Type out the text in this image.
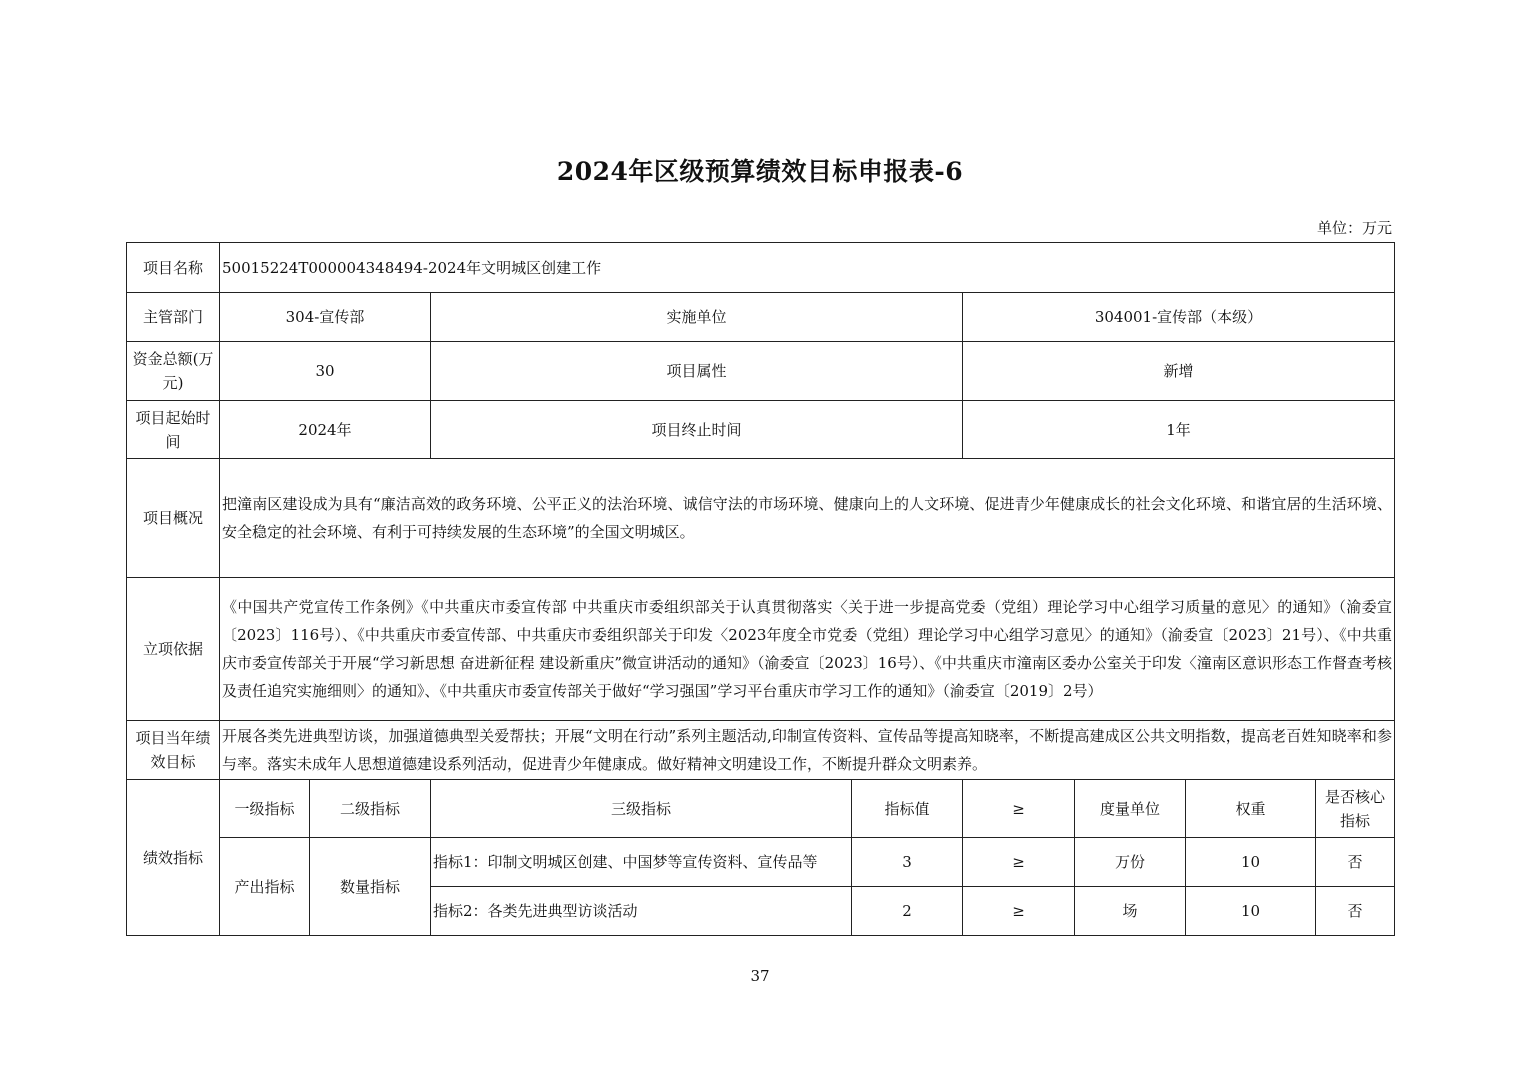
2024年区级预算绩效目标申报表-6
单位：万元
项目名称	50015224T000004348494-2024年文明城区创建工作							
主管部门	304-宣传部		实施单位		304001-宣传部（本级）			
资金总额(万元)	30		项目属性		新增			
项目起始时间	2024年		项目终止时间		1年			
项目概况	把潼南区建设成为具有“廉洁高效的政务环境、公平正义的法治环境、诚信守法的市场环境、健康向上的人文环境、促进青少年健康成长的社会文化环境、和谐宜居的生活环境、安全稳定的社会环境、有利于可持续发展的生态环境”的全国文明城区。							
立项依据	《中国共产党宣传工作条例》《中共重庆市委宣传部 中共重庆市委组织部关于认真贯彻落实〈关于进一步提高党委（党组）理论学习中心组学习质量的意见〉的通知》（渝委宣〔2023〕116号）、《中共重庆市委宣传部、中共重庆市委组织部关于印发〈2023年度全市党委（党组）理论学习中心组学习意见〉的通知》（渝委宣〔2023〕21号）、《中共重庆市委宣传部关于开展“学习新思想 奋进新征程 建设新重庆”微宣讲活动的通知》（渝委宣〔2023〕16号）、《中共重庆市潼南区委办公室关于印发〈潼南区意识形态工作督查考核及责任追究实施细则〉的通知》、《中共重庆市委宣传部关于做好“学习强国”学习平台重庆市学习工作的通知》（渝委宣〔2019〕2号）							
项目当年绩效目标	开展各类先进典型访谈，加强道德典型关爱帮扶；开展“文明在行动”系列主题活动,印制宣传资料、宣传品等提高知晓率，不断提高建成区公共文明指数，提高老百姓知晓率和参与率。落实未成年人思想道德建设系列活动，促进青少年健康成。做好精神文明建设工作，不断提升群众文明素养。							
绩效指标	一级指标	二级指标	三级指标	指标值	≥	度量单位	权重	是否核心指标
	产出指标	数量指标	指标1：印制文明城区创建、中国梦等宣传资料、宣传品等	3	≥	万份	10	否
			指标2：各类先进典型访谈活动	2	≥	场	10	否
37
